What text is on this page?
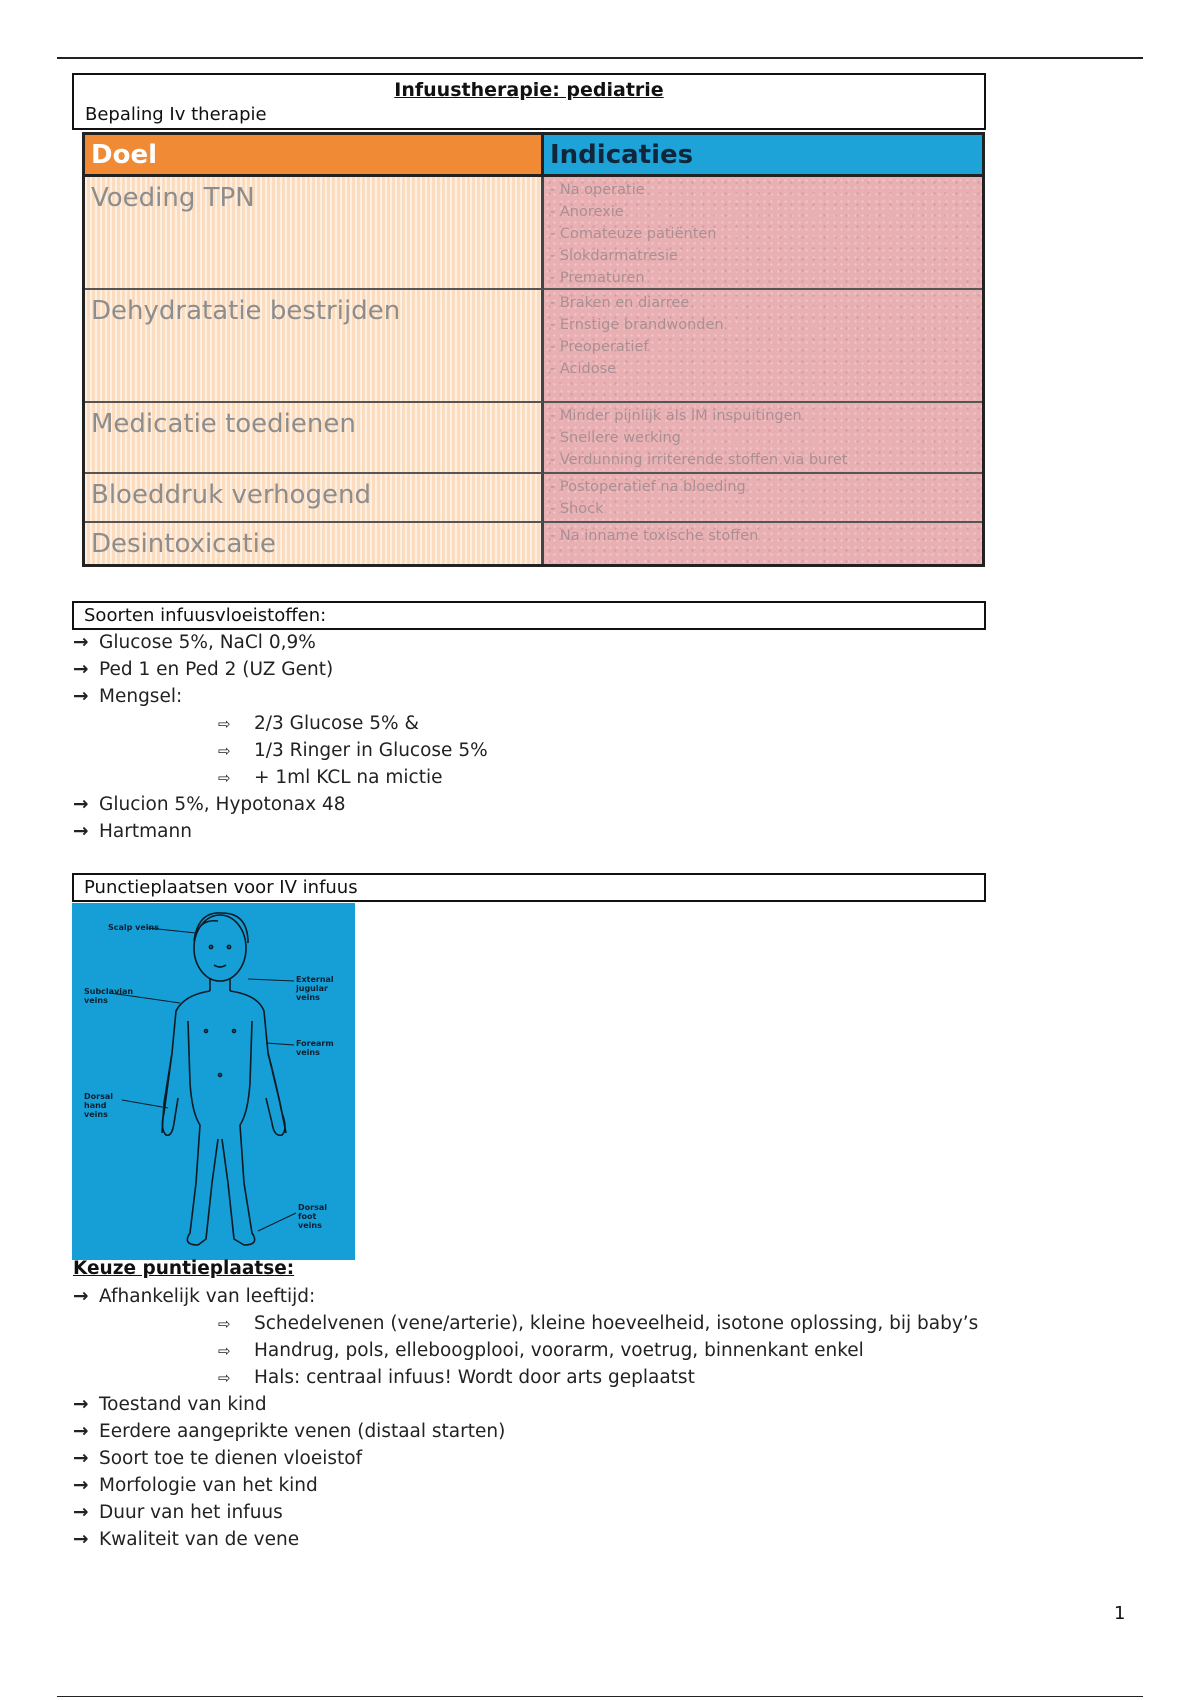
Infuustherapie: pediatrie
Bepaling Iv therapie
Doel	Indicaties
Voeding TPN	- Na operatie
- Anorexie
- Comateuze patiënten
- Slokdarmatresie
- Prematuren
Dehydratatie bestrijden	- Braken en diarree
- Ernstige brandwonden
- Preoperatief
- Acidose
Medicatie toedienen	- Minder pijnlijk als IM inspuitingen
- Snellere werking
- Verdunning irriterende stoffen via buret
Bloeddruk verhogend	- Postoperatief na bloeding
- Shock
Desintoxicatie	- Na inname toxische stoffen
Soorten infuusvloeistoffen:
→ Glucose 5%, NaCl 0,9%
→ Ped 1 en Ped 2 (UZ Gent)
→ Mengsel:
⇨ 2/3 Glucose 5% &
⇨ 1/3 Ringer in Glucose 5%
⇨ + 1ml KCL na mictie
→ Glucion 5%, Hypotonax 48
→ Hartmann
Punctieplaatsen voor IV infuus
Scalp veins
Subclavian veins
Dorsal hand veins
External jugular veins
Forearm veins
Dorsal foot veins
Keuze puntieplaatse:
→ Afhankelijk van leeftijd:
⇨ Schedelvenen (vene/arterie), kleine hoeveelheid, isotone oplossing, bij baby’s
⇨ Handrug, pols, elleboogplooi, voorarm, voetrug, binnenkant enkel
⇨ Hals: centraal infuus! Wordt door arts geplaatst
→ Toestand van kind
→ Eerdere aangeprikte venen (distaal starten)
→ Soort toe te dienen vloeistof
→ Morfologie van het kind
→ Duur van het infuus
→ Kwaliteit van de vene
1
